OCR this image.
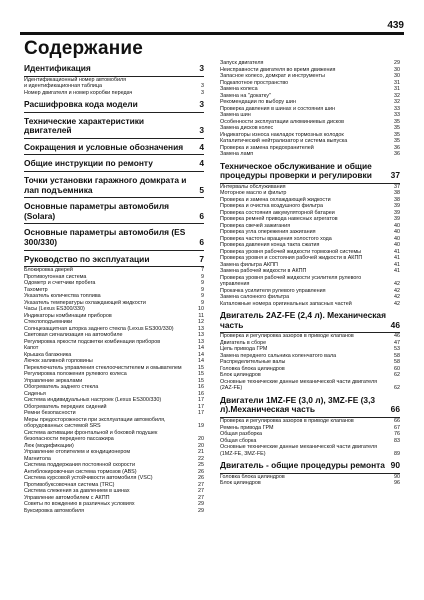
439
Содержание
Идентификация	3
Идентификационный номер автомобиля
и идентификационная таблица	3
Номер двигателя и номер коробки передач	3
Расшифровка кода модели	3
Технические характеристики двигателей	3
Сокращения и условные обозначения	4
Общие инструкции по ремонту	4
Точки установки гаражного домкрата и лап подъемника	5
Основные параметры автомобиля (Solara)	6
Основные параметры автомобиля (ES 300/330)	6
Руководство по эксплуатации	7
Блокировка дверей	7
Противоугонная система	9
Одометр и счетчики пробега	9
Тахометр	9
Указатель количества топлива	9
Указатель температуры охлаждающей жидкости	9
Часы (Lexus ES300/330)	10
Индикаторы комбинации приборов	11
Стеклоподъемники	12
Солнцезащитная шторка заднего стекла (Lexus ES300/330)	13
Световая сигнализация на автомобиле	13
Регулировка яркости подсветки комбинации приборов	13
Капот	14
Крышка багажника	14
Лючок заливной горловины	14
Переключатель управления стеклоочистителем и омывателем	15
Регулировка положения рулевого колеса	15
Управление зеркалами	15
Обогреватель заднего стекла	16
Сиденья	16
Система индивидуальных настроек (Lexus ES300/330)	17
Обогреватель передних сидений	17
Ремни безопасности	17
Меры предосторожности при эксплуатации автомобиля, оборудованных системой SRS	19
Система активации фронтальной и боковой подушек безопасности переднего пассажира	20
Люк (модификации)	20
Управление отопителем и кондиционером	21
Магнитола	22
Система поддержания постоянной скорости	25
Антиблокировочная система тормозов (ABS)	26
Система курсовой устойчивости автомобиля (VSC)	26
Противобуксовочная система (TRC)	27
Система слежения за давлением в шинах	27
Управление автомобилем с АКПП	27
Советы по вождению в различных условиях	29
Буксировка автомобиля	29
Запуск двигателя	29
Неисправности двигателя во время движения	30
Запасное колесо, домкрат и инструменты	30
Подкапотное пространство	31
Замена колеса	31
Замена на "докатку"	32
Рекомендации по выбору шин	32
Проверка давления в шинах и состояния шин	33
Замена шин	33
Особенности эксплуатации алюминиевых дисков	35
Замена дисков колес	35
Индикаторы износа накладок тормозных колодок	35
Каталитический нейтрализатор и система выпуска	35
Проверка и замена предохранителей	36
Замена ламп	36
Техническое обслуживание и общие процедуры проверки и регулировки	37
Интервалы обслуживания	37
Моторное масло и фильтр	38
Проверка и замена охлаждающей жидкости	38
Проверка и очистка воздушного фильтра	39
Проверка состояния аккумуляторной батареи	39
Проверка ремней привода навесных агрегатов	39
Проверка свечей зажигания	40
Проверка угла опережения зажигания	40
Проверка частоты вращения холостого хода	40
Проверка давления конца такта сжатия	40
Проверка уровня рабочей жидкости тормозной системы	41
Проверка уровня и состояния рабочей жидкости в АКПП	41
Замена фильтра АКПП	41
Замена рабочей жидкости в АКПП	41
Проверка уровня рабочей жидкости усилителя рулевого управления	42
Прокачка усилителя рулевого управления	42
Замена салонного фильтра	42
Каталожные номера оригинальных запасных частей	42
Двигатель 2AZ-FE (2,4 л). Механическая часть	46
Проверка и регулировка зазоров в приводе клапанов	46
Двигатель в сборе	47
Цепь привода ГРМ	53
Замена переднего сальника коленчатого вала	58
Распределительные валы	58
Головка блока цилиндров	60
Блок цилиндров	62
Основные технические данные механической части двигателя (2AZ-FE)	62
Двигатели 1MZ-FE (3,0 л), 3MZ-FE (3,3 л).Механическая часть	66
Проверка и регулировка зазоров в приводе клапанов	66
Ремень привода ГРМ	67
Общая разборка	76
Общая сборка	83
Основные технические данные механической части двигателя (1MZ-FE, 3MZ-FE)	89
Двигатель - общие процедуры ремонта 90
Головка блока цилиндров	90
Блок цилиндров	96
